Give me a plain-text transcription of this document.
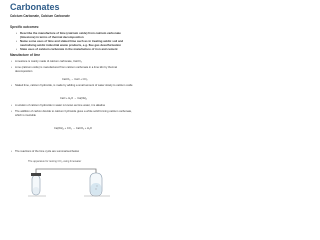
Carbonates
Calcium Carbonate, Calcium Carbonate
Specific outcomes:
• Describe the manufacture of lime (calcium oxide) from calcium carbonate (limestone) in terms of thermal decomposition
• Name some uses of lime and slaked lime such as in treating acidic soil and neutralising acidic industrial waste products, e.g. flue gas desulfurisation
• State uses of calcium carbonate in the manufacture of iron and cement
Manufacture of lime
• Limestone is mainly made of calcium carbonate, CaCO₃
• Lime (calcium oxide) is manufactured from calcium carbonate in a lime kiln by thermal decomposition
CaCO₃ → CaO + CO₂
• Slaked lime, calcium hydroxide, is made by adding a small amount of water slowly to calcium oxide
CaO + H₂O → Ca(OH)₂
• A solution of calcium hydroxide in water is known as lime water, it is alkaline
• The addition of carbon dioxide to calcium hydroxide gives a white solid forming calcium carbonate, which is insoluble
Ca(OH)₂ + CO₂ → CaCO₃ + H₂O
• The reactions of the lime cycle are summarised below
The apparatus for testing CO₂ using limewater
